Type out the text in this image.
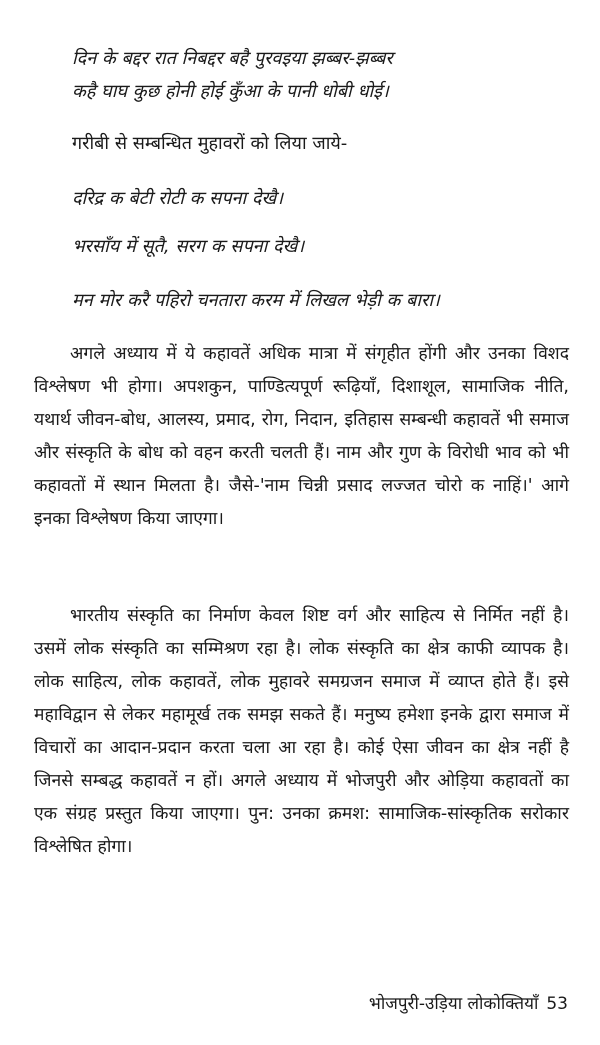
दिन के बद्दर रात निबद्दर बहै पुरवइया झब्बर-झब्बर
कहै घाघ कुछ होनी होई कुँआ के पानी धोबी धोई।
गरीबी से सम्बन्धित मुहावरों को लिया जाये-
दरिद्र क बेटी रोटी क सपना देखै।
भरसाँय में सूतै, सरग क सपना देखै।
मन मोर करै पहिरो चनतारा करम में लिखल भेड़ी क बारा।

अगले अध्याय में ये कहावतें अधिक मात्रा में संगृहीत होंगी और उनका विशद विश्लेषण भी होगा। अपशकुन, पाण्डित्यपूर्ण रूढ़ियाँ, दिशाशूल, सामाजिक नीति, यथार्थ जीवन-बोध, आलस्य, प्रमाद, रोग, निदान, इतिहास सम्बन्धी कहावतें भी समाज और संस्कृति के बोध को वहन करती चलती हैं। नाम और गुण के विरोधी भाव को भी कहावतों में स्थान मिलता है। जैसे-'नाम चिन्नी प्रसाद लज्जत चोरो क नाहिं।' आगे इनका विश्लेषण किया जाएगा।

भारतीय संस्कृति का निर्माण केवल शिष्ट वर्ग और साहित्य से निर्मित नहीं है। उसमें लोक संस्कृति का सम्मिश्रण रहा है। लोक संस्कृति का क्षेत्र काफी व्यापक है। लोक साहित्य, लोक कहावतें, लोक मुहावरे समग्रजन समाज में व्याप्त होते हैं। इसे महाविद्वान से लेकर महामूर्ख तक समझ सकते हैं। मनुष्य हमेशा इनके द्वारा समाज में विचारों का आदान-प्रदान करता चला आ रहा है। कोई ऐसा जीवन का क्षेत्र नहीं है जिनसे सम्बद्ध कहावतें न हों। अगले अध्याय में भोजपुरी और ओड़िया कहावतों का एक संग्रह प्रस्तुत किया जाएगा। पुन: उनका क्रमश: सामाजिक-सांस्कृतिक सरोकार विश्लेषित होगा।

भोजपुरी-उड़िया लोकोक्तियाँ 53
